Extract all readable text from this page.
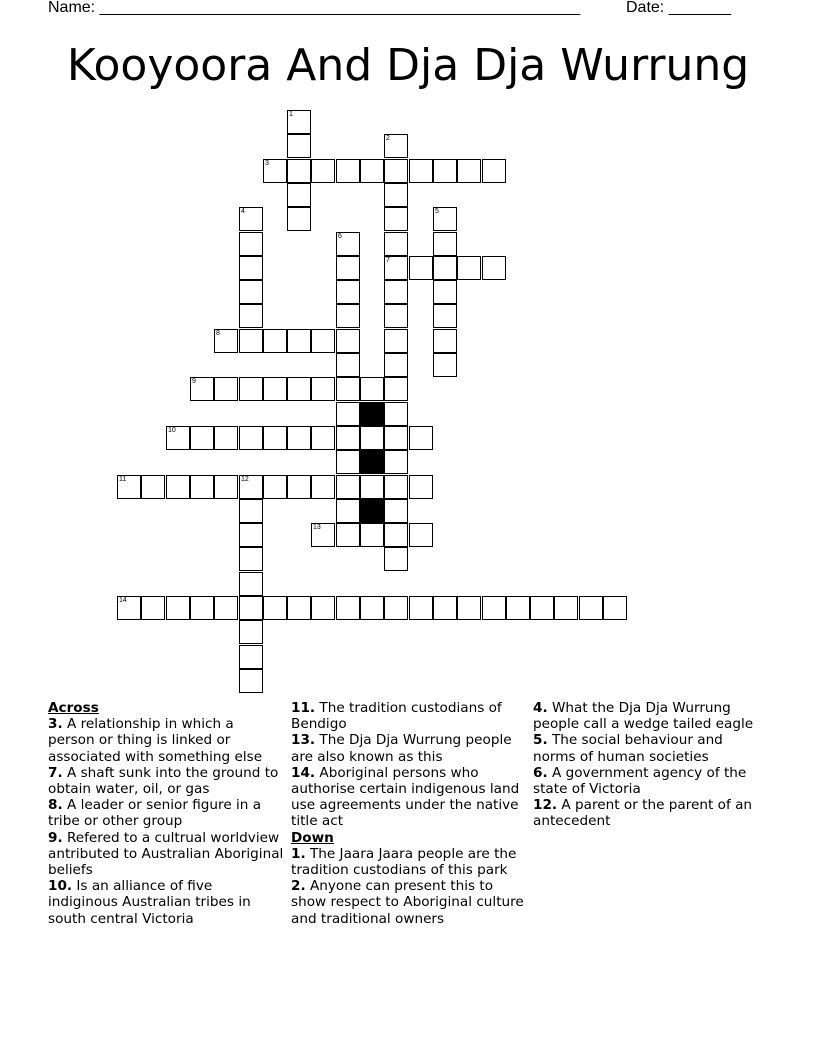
Name: ______________________________________________________	Date: _______
Kooyoora And Dja Dja Wurrung
1
2
3
4	5
6
7
8
9
10
11	12
13
14
Across
3. A relationship in which a person or thing is linked or associated with something else
7. A shaft sunk into the ground to obtain water, oil, or gas
8. A leader or senior figure in a tribe or other group
9. Refered to a cultrual worldview antributed to Australian Aboriginal beliefs
10. Is an alliance of five indiginous Australian tribes in south central Victoria
11. The tradition custodians of Bendigo
13. The Dja Dja Wurrung people are also known as this
14. Aboriginal persons who authorise certain indigenous land use agreements under the native title act
Down
1. The Jaara Jaara people are the tradition custodians of this park
2. Anyone can present this to show respect to Aboriginal culture and traditional owners
4. What the Dja Dja Wurrung people call a wedge tailed eagle
5. The social behaviour and norms of human societies
6. A government agency of the state of Victoria
12. A parent or the parent of an antecedent
